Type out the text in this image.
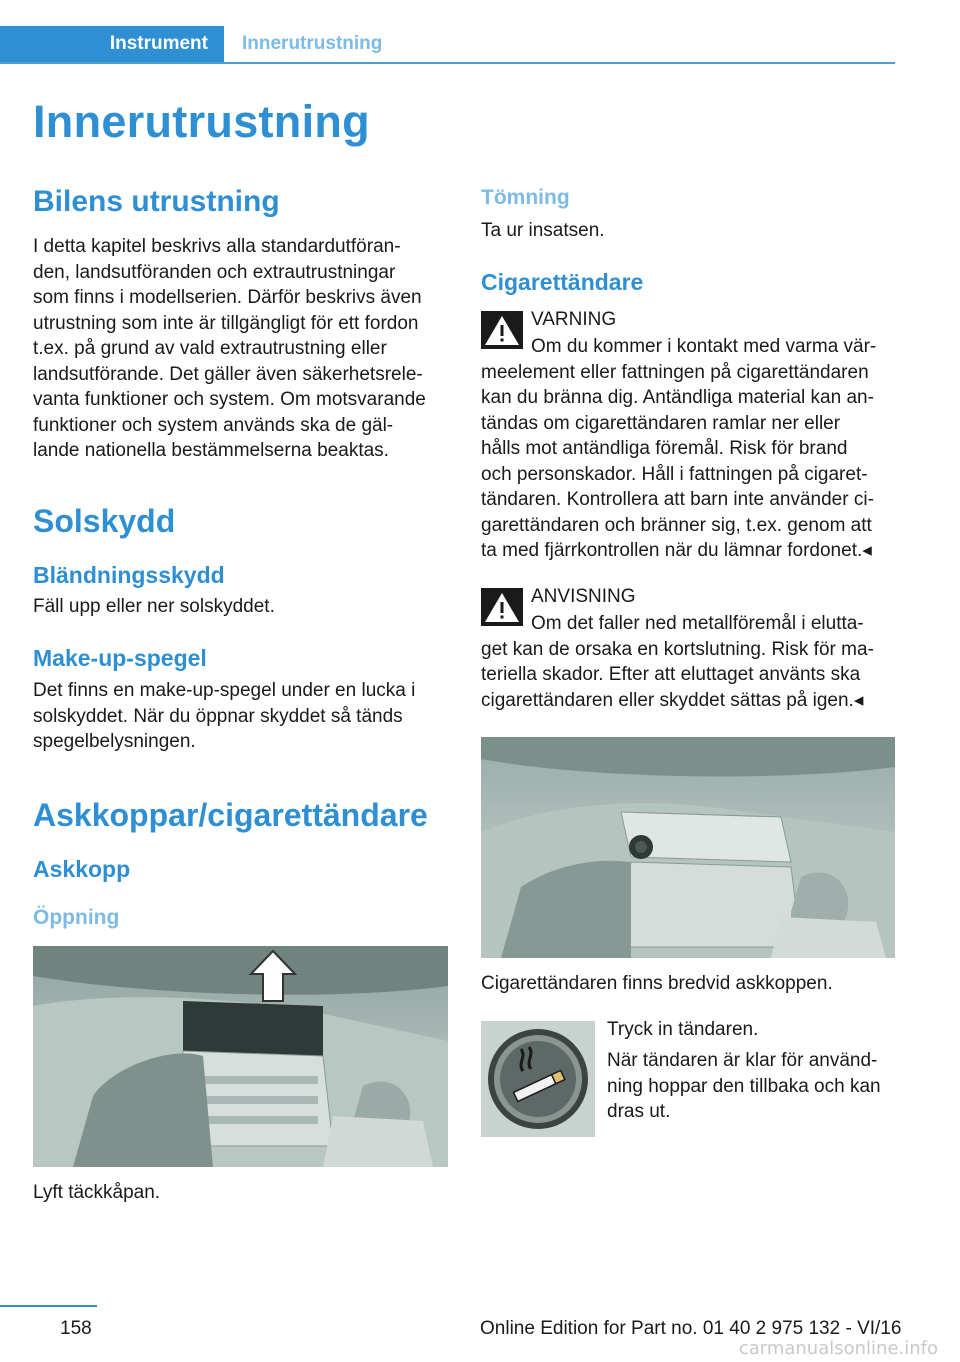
Instrument Innerutrustning
Innerutrustning
Bilens utrustning
I detta kapitel beskrivs alla standardutföran‐
den, landsutföranden och extrautrustningar
som finns i modellserien. Därför beskrivs även
utrustning som inte är tillgängligt för ett fordon
t.ex. på grund av vald extrautrustning eller
landsutförande. Det gäller även säkerhetsrele‐
vanta funktioner och system. Om motsvarande
funktioner och system används ska de gäl‐
lande nationella bestämmelserna beaktas.
Solskydd
Bländningsskydd
Fäll upp eller ner solskyddet.
Make-up-spegel
Det finns en make-up-spegel under en lucka i
solskyddet. När du öppnar skyddet så tänds
spegelbelysningen.
Askkoppar/cigarettändare
Askkopp
Öppning
Lyft täckkåpan.
Tömning
Ta ur insatsen.
Cigarettändare
VARNING
Om du kommer i kontakt med varma vär‐
meelement eller fattningen på cigarettändaren
kan du bränna dig. Antändliga material kan an‐
tändas om cigarettändaren ramlar ner eller
hålls mot antändliga föremål. Risk för brand
och personskador. Håll i fattningen på cigaret‐
tändaren. Kontrollera att barn inte använder ci‐
garettändaren och bränner sig, t.ex. genom att
ta med fjärrkontrollen när du lämnar fordonet.◂
ANVISNING
Om det faller ned metallföremål i elutta‐
get kan de orsaka en kortslutning. Risk för ma‐
teriella skador. Efter att eluttaget använts ska
cigarettändaren eller skyddet sättas på igen.◂
Cigarettändaren finns bredvid askkoppen.
Tryck in tändaren.
När tändaren är klar för använd‐
ning hoppar den tillbaka och kan
dras ut.
158	Online Edition for Part no. 01 40 2 975 132 - VI/16
carmanualsonline.info
